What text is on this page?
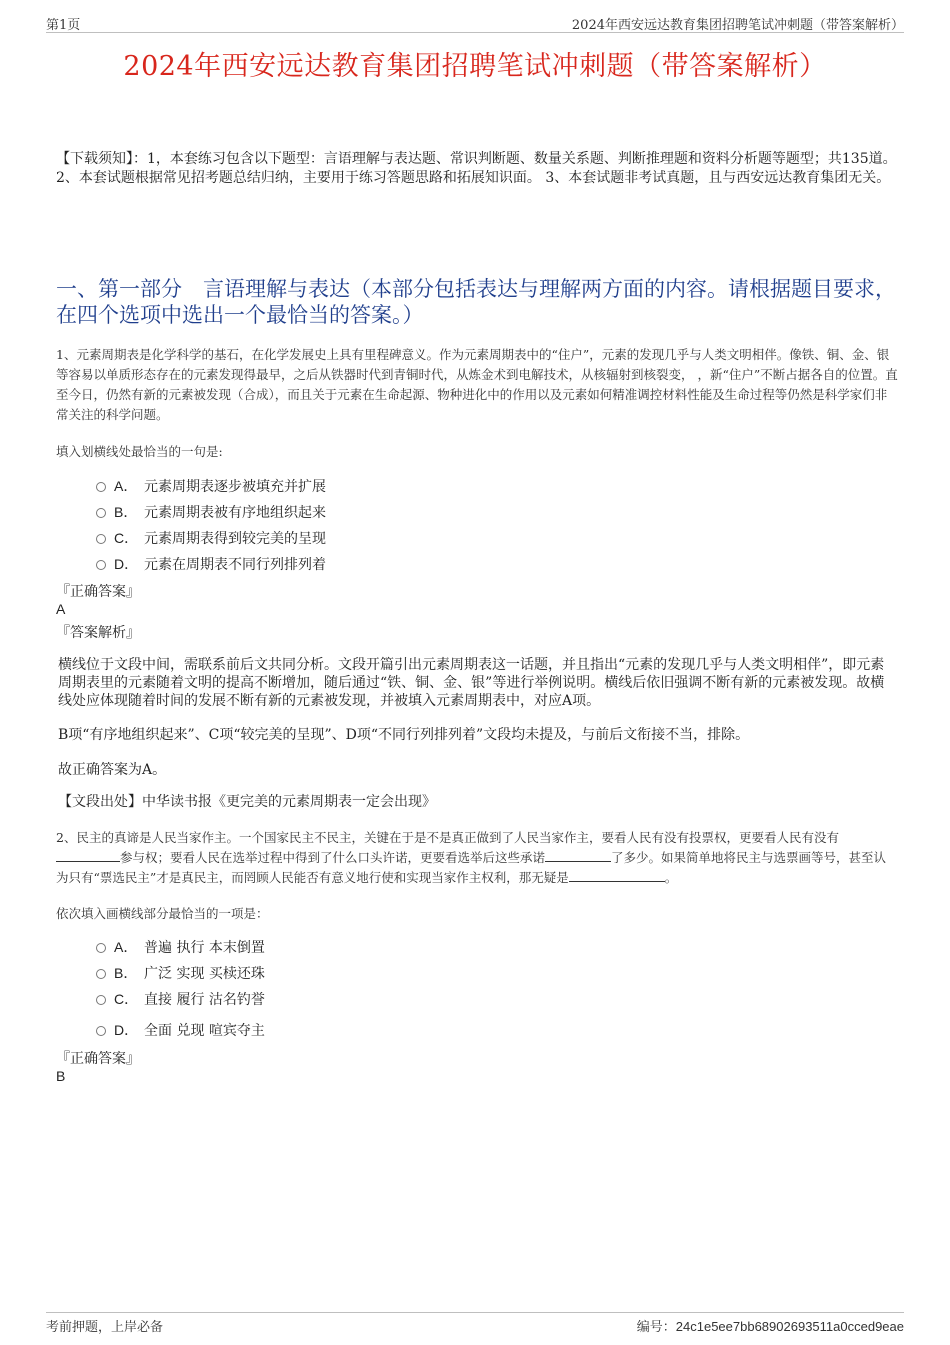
第1页	2024年西安远达教育集团招聘笔试冲刺题（带答案解析）
2024年西安远达教育集团招聘笔试冲刺题（带答案解析）
【下载须知】：1，本套练习包含以下题型：言语理解与表达题、常识判断题、数量关系题、判断推理题和资料分析题等题型；共135道。 2、本套试题根据常见招考题总结归纳，主要用于练习答题思路和拓展知识面。 3、本套试题非考试真题，且与西安远达教育集团无关。
一、第一部分　言语理解与表达（本部分包括表达与理解两方面的内容。请根据题目要求，在四个选项中选出一个最恰当的答案。）
1、元素周期表是化学科学的基石，在化学发展史上具有里程碑意义。作为元素周期表中的“住户”，元素的发现几乎与人类文明相伴。像铁、铜、金、银等容易以单质形态存在的元素发现得最早，之后从铁器时代到青铜时代，从炼金术到电解技术，从核辐射到核裂变， ，新“住户”不断占据各自的位置。直至今日，仍然有新的元素被发现（合成），而且关于元素在生命起源、物种进化中的作用以及元素如何精准调控材料性能及生命过程等仍然是科学家们非常关注的科学问题。
填入划横线处最恰当的一句是:
A． 元素周期表逐步被填充并扩展
B． 元素周期表被有序地组织起来
C． 元素周期表得到较完美的呈现
D． 元素在周期表不同行列排列着
『正确答案』
A
『答案解析』
横线位于文段中间，需联系前后文共同分析。文段开篇引出元素周期表这一话题，并且指出“元素的发现几乎与人类文明相伴”，即元素周期表里的元素随着文明的提高不断增加，随后通过“铁、铜、金、银”等进行举例说明。横线后依旧强调不断有新的元素被发现。故横线处应体现随着时间的发展不断有新的元素被发现，并被填入元素周期表中，对应A项。
B项“有序地组织起来”、C项“较完美的呈现”、D项“不同行列排列着”文段均未提及，与前后文衔接不当，排除。
故正确答案为A。
【文段出处】中华读书报《更完美的元素周期表一定会出现》
2、民主的真谛是人民当家作主。一个国家民主不民主，关键在于是不是真正做到了人民当家作主，要看人民有没有投票权，更要看人民有没有参与权；要看人民在选举过程中得到了什么口头许诺，更要看选举后这些承诺	了多少。如果简单地将民主与选票画等号，甚至认为只有“票选民主”才是真民主，而罔顾人民能否有意义地行使和实现当家作主权利，那无疑是	。
依次填入画横线部分最恰当的一项是：
A． 普遍 执行 本末倒置
B． 广泛 实现 买椟还珠
C． 直接 履行 沽名钓誉
D． 全面 兑现 喧宾夺主
『正确答案』
B
考前押题，上岸必备	编号：24c1e5ee7bb68902693511a0cced9eae
